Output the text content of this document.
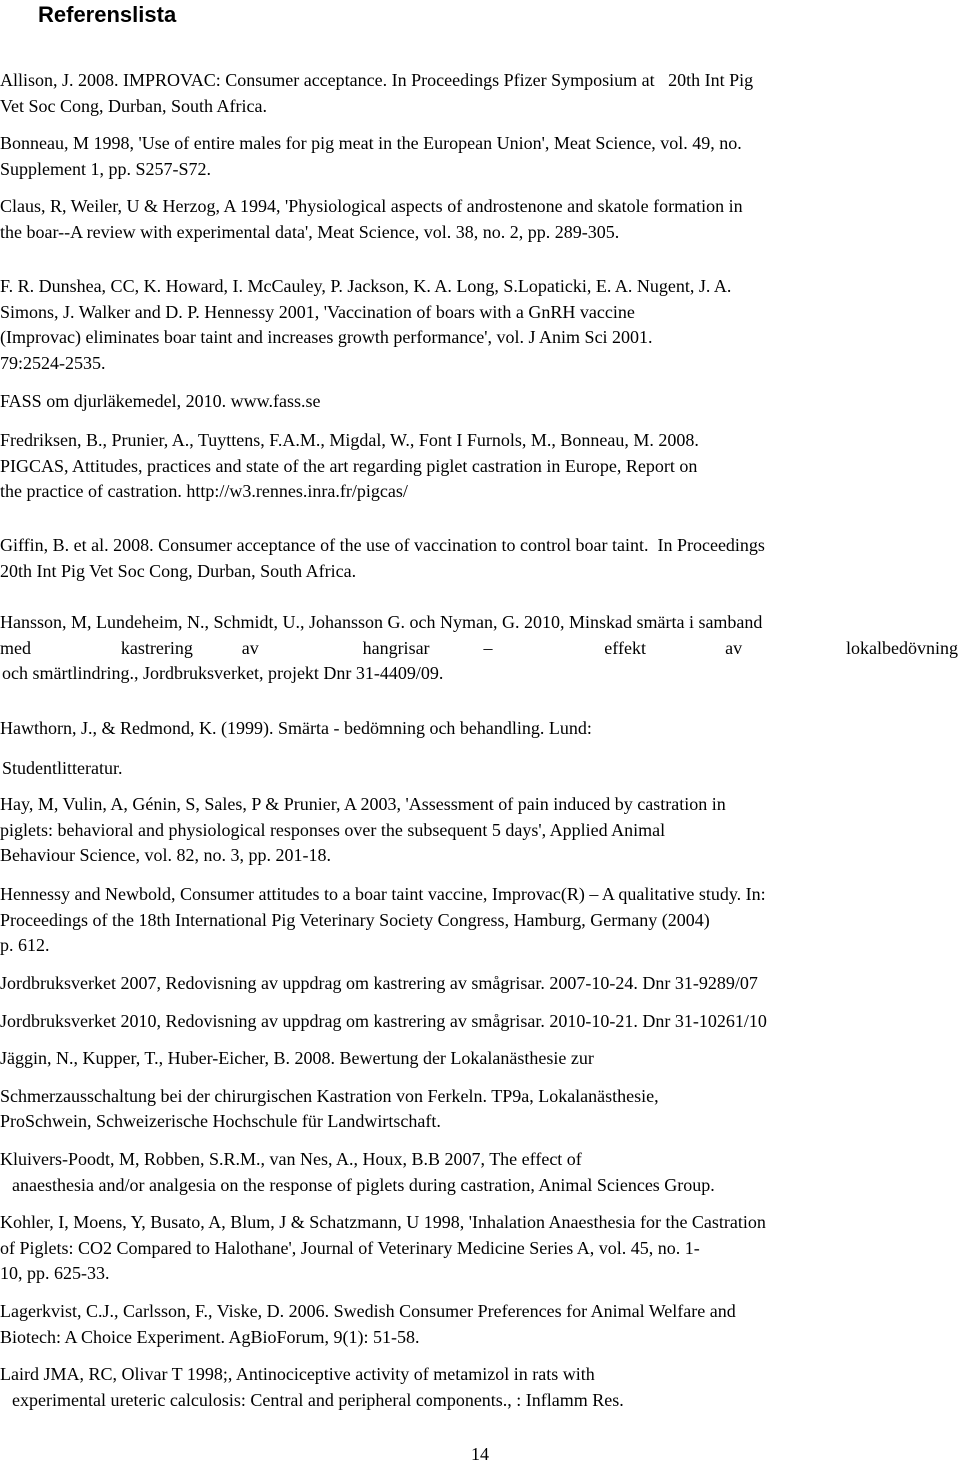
Referenslista
Allison, J. 2008. IMPROVAC: Consumer acceptance. In Proceedings Pfizer Symposium at   20th Int Pig
Vet Soc Cong, Durban, South Africa.
Bonneau, M 1998, 'Use of entire males for pig meat in the European Union', Meat Science, vol. 49, no.
Supplement 1, pp. S257-S72.
Claus, R, Weiler, U & Herzog, A 1994, 'Physiological aspects of androstenone and skatole formation in
the boar--A review with experimental data', Meat Science, vol. 38, no. 2, pp. 289-305.
F. R. Dunshea, CC, K. Howard, I. McCauley, P. Jackson, K. A. Long, S.Lopaticki, E. A. Nugent, J. A.
Simons, J. Walker and D. P. Hennessy 2001, 'Vaccination of boars with a GnRH vaccine
(Improvac) eliminates boar taint and increases growth performance', vol. J Anim Sci 2001.
79:2524-2535.
FASS om djurläkemedel, 2010. www.fass.se
Fredriksen, B., Prunier, A., Tuyttens, F.A.M., Migdal, W., Font I Furnols, M., Bonneau, M. 2008.
PIGCAS, Attitudes, practices and state of the art regarding piglet castration in Europe, Report on
the practice of castration. http://w3.rennes.inra.fr/pigcas/
Giffin, B. et al. 2008. Consumer acceptance of the use of vaccination to control boar taint.  In Proceedings
20th Int Pig Vet Soc Cong, Durban, South Africa.
Hansson, M, Lundeheim, N., Schmidt, U., Johansson G. och Nyman, G. 2010, Minskad smärta i samband
med	kastrering	av	hangrisar	–	effekt	av	lokalbedövning
och smärtlindring., Jordbruksverket, projekt Dnr 31-4409/09.
Hawthorn, J., & Redmond, K. (1999). Smärta - bedömning och behandling. Lund:
Studentlitteratur.
Hay, M, Vulin, A, Génin, S, Sales, P & Prunier, A 2003, 'Assessment of pain induced by castration in
piglets: behavioral and physiological responses over the subsequent 5 days', Applied Animal
Behaviour Science, vol. 82, no. 3, pp. 201-18.
Hennessy and Newbold, Consumer attitudes to a boar taint vaccine, Improvac(R) – A qualitative study. In:
Proceedings of the 18th International Pig Veterinary Society Congress, Hamburg, Germany (2004)
p. 612.
Jordbruksverket 2007, Redovisning av uppdrag om kastrering av smågrisar. 2007-10-24. Dnr 31-9289/07
Jordbruksverket 2010, Redovisning av uppdrag om kastrering av smågrisar. 2010-10-21. Dnr 31-10261/10
Jäggin, N., Kupper, T., Huber-Eicher, B. 2008. Bewertung der Lokalanästhesie zur
Schmerzausschaltung bei der chirurgischen Kastration von Ferkeln. TP9a, Lokalanästhesie,
ProSchwein, Schweizerische Hochschule für Landwirtschaft.
Kluivers-Poodt, M, Robben, S.R.M., van Nes, A., Houx, B.B 2007, The effect of
anaesthesia and/or analgesia on the response of piglets during castration, Animal Sciences Group.
Kohler, I, Moens, Y, Busato, A, Blum, J & Schatzmann, U 1998, 'Inhalation Anaesthesia for the Castration
of Piglets: CO2 Compared to Halothane', Journal of Veterinary Medicine Series A, vol. 45, no. 1-
10, pp. 625-33.
Lagerkvist, C.J., Carlsson, F., Viske, D. 2006. Swedish Consumer Preferences for Animal Welfare and
Biotech: A Choice Experiment. AgBioForum, 9(1): 51-58.
Laird JMA, RC, Olivar T 1998;, Antinociceptive activity of metamizol in rats with
experimental ureteric calculosis: Central and peripheral components., : Inflamm Res.
14
